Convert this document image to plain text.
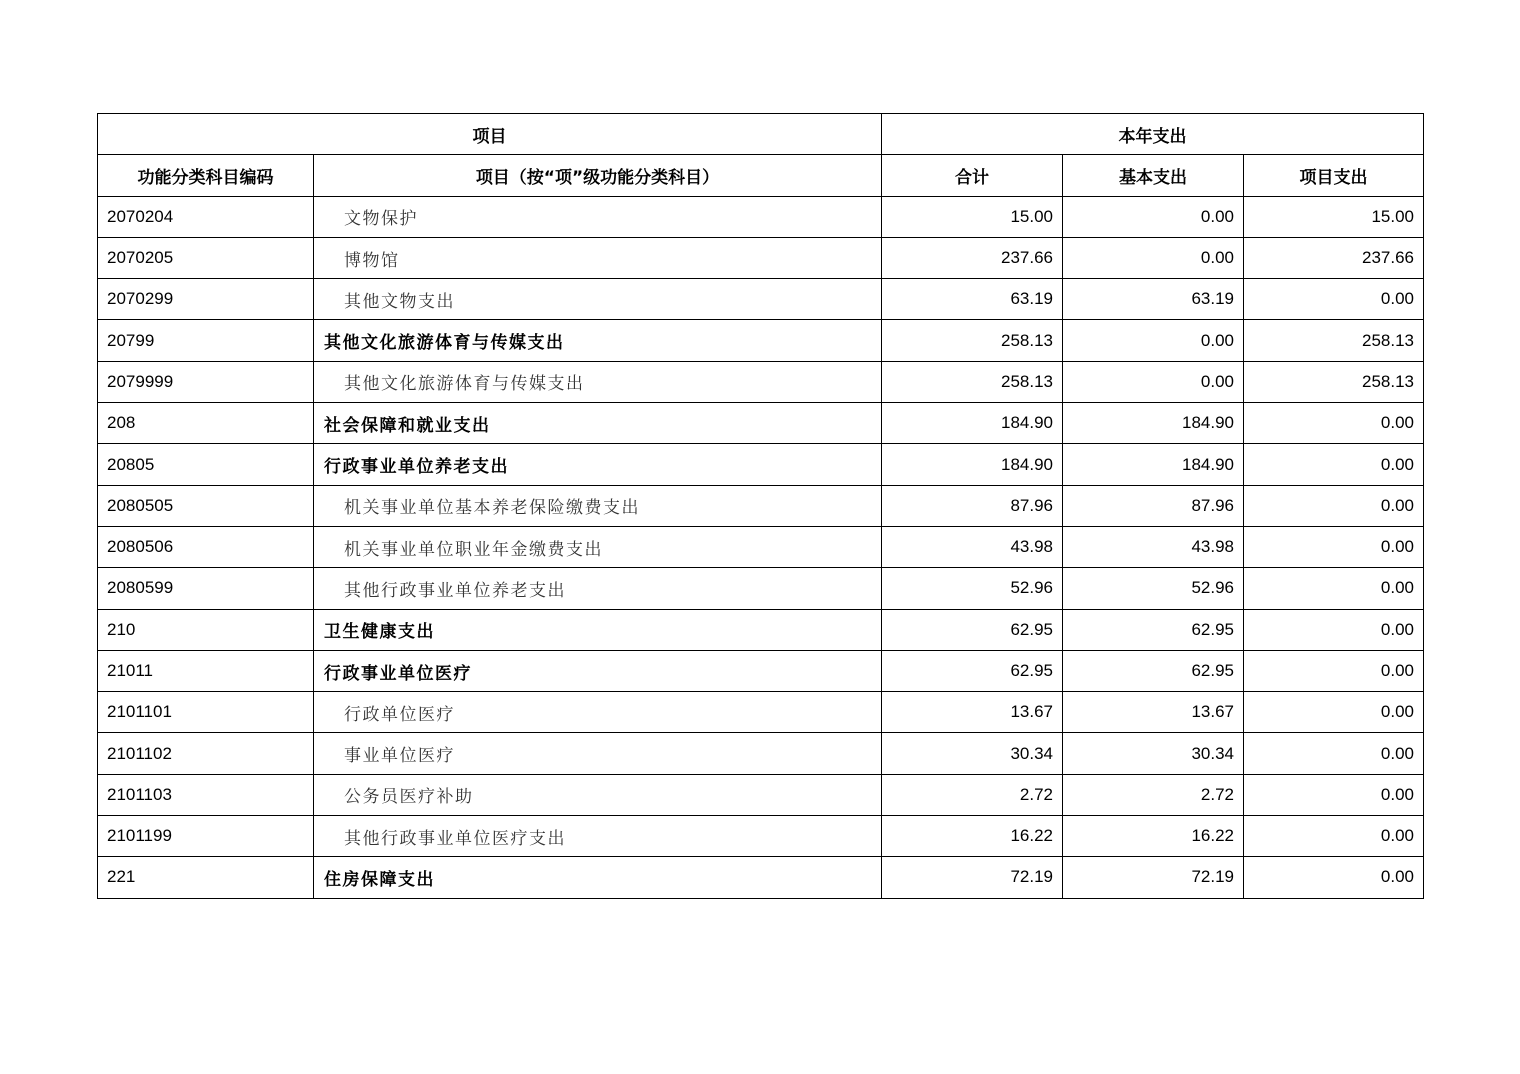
项目		本年支出		
功能分类科目编码	项目（按“项”级功能分类科目）	合计	基本支出	项目支出
2070204	文物保护	15.00	0.00	15.00
2070205	博物馆	237.66	0.00	237.66
2070299	其他文物支出	63.19	63.19	0.00
20799	其他文化旅游体育与传媒支出	258.13	0.00	258.13
2079999	其他文化旅游体育与传媒支出	258.13	0.00	258.13
208	社会保障和就业支出	184.90	184.90	0.00
20805	行政事业单位养老支出	184.90	184.90	0.00
2080505	机关事业单位基本养老保险缴费支出	87.96	87.96	0.00
2080506	机关事业单位职业年金缴费支出	43.98	43.98	0.00
2080599	其他行政事业单位养老支出	52.96	52.96	0.00
210	卫生健康支出	62.95	62.95	0.00
21011	行政事业单位医疗	62.95	62.95	0.00
2101101	行政单位医疗	13.67	13.67	0.00
2101102	事业单位医疗	30.34	30.34	0.00
2101103	公务员医疗补助	2.72	2.72	0.00
2101199	其他行政事业单位医疗支出	16.22	16.22	0.00
221	住房保障支出	72.19	72.19	0.00
